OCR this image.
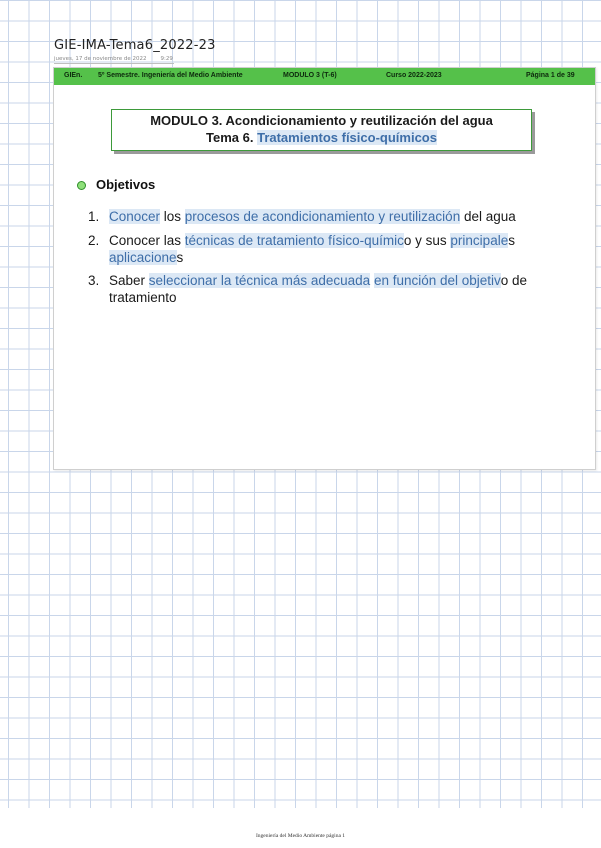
GIE-IMA-Tema6_2022-23
jueves, 17 de noviembre de 2022	9:29
GIEn. 5º Semestre. Ingeniería del Medio Ambiente	MODULO 3 (T-6)	Curso 2022-2023	Página 1 de 39
MODULO 3. Acondicionamiento y reutilización del agua
Tema 6. Tratamientos físico-químicos
Objetivos
1. Conocer los procesos de acondicionamiento y reutilización del agua
2. Conocer las técnicas de tratamiento físico-químico y sus principales
aplicaciones
3. Saber seleccionar la técnica más adecuada en función del objetivo de
tratamiento
Ingeniería del Medio Ambiente página 1
